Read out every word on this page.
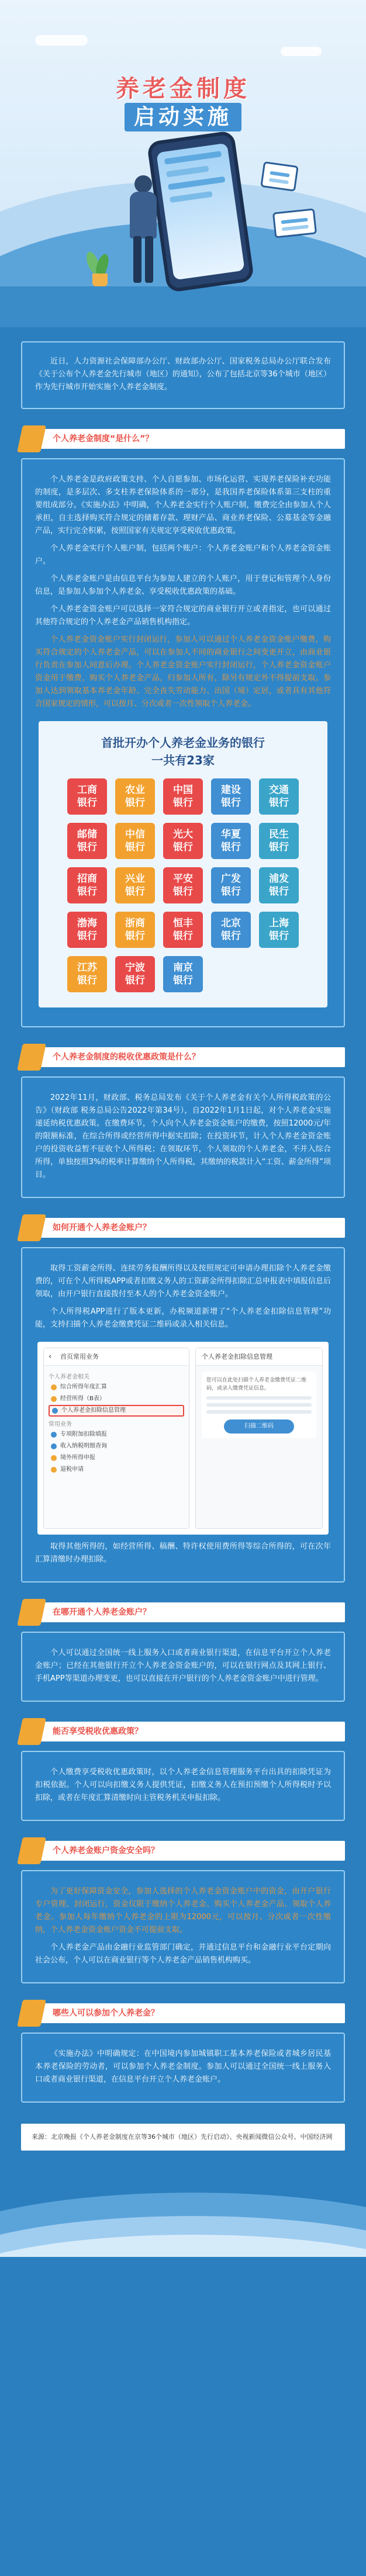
养老金制度
启动实施
近日，人力资源社会保障部办公厅、财政部办公厅、国家税务总局办公厅联合发布《关于公布个人养老金先行城市（地区）的通知》，公布了包括北京等36个城市（地区）作为先行城市开始实施个人养老金制度。
个人养老金制度“是什么”？

个人养老金是政府政策支持、个人自愿参加、市场化运营、实现养老保险补充功能的制度，是多层次、多支柱养老保险体系的一部分，是我国养老保险体系第三支柱的重要组成部分。《实施办法》中明确，个人养老金实行个人账户制，缴费完全由参加人个人承担，自主选择购买符合规定的储蓄存款、理财产品、商业养老保险、公募基金等金融产品，实行完全积累，按照国家有关规定享受税收优惠政策。

个人养老金实行个人账户制，包括两个账户：个人养老金账户和个人养老金资金账户。

个人养老金账户是由信息平台为参加人建立的个人账户，用于登记和管理个人身份信息，是参加人参加个人养老金、享受税收优惠政策的基础。

个人养老金资金账户可以选择一家符合规定的商业银行开立或者指定，也可以通过其他符合规定的个人养老金产品销售机构指定。

个人养老金资金账户实行封闭运行，参加人可以通过个人养老金资金账户缴费，购买符合规定的个人养老金产品，可以在参加人不同的商业银行之间变更开立，由商业银行负责在参加人同意后办理。个人养老金资金账户实行封闭运行，个人养老金资金账户资金用于缴费，购买个人养老金产品，归参加人所有，除另有规定外不得提前支取。参加人达到领取基本养老金年龄、完全丧失劳动能力、出国（境）定居，或者具有其他符合国家规定的情形，可以按月、分次或者一次性领取个人养老金。

首批开办个人养老金业务的银行
一共有23家
工商
银行
农业
银行
中国
银行
建设
银行
交通
银行
邮储
银行
中信
银行
光大
银行
华夏
银行
民生
银行
招商
银行
兴业
银行
平安
银行
广发
银行
浦发
银行
渤海
银行
浙商
银行
恒丰
银行
北京
银行
上海
银行
江苏
银行
宁波
银行
南京
银行
个人养老金制度的税收优惠政策是什么？

2022年11月，财政部、税务总局发布《关于个人养老金有关个人所得税政策的公告》（财政部 税务总局公告2022年第34号），自2022年1月1日起，对个人养老金实施递延纳税优惠政策。在缴费环节，个人向个人养老金资金账户的缴费，按照12000元/年的限额标准，在综合所得或经营所得中据实扣除；在投资环节，计入个人养老金资金账户的投资收益暂不征收个人所得税；在领取环节，个人领取的个人养老金，不并入综合所得，单独按照3%的税率计算缴纳个人所得税，其缴纳的税款计入“工资、薪金所得”项目。

如何开通个人养老金账户？

取得工资薪金所得、连续劳务报酬所得以及按照规定可申请办理扣除个人养老金缴费的，可在个人所得税APP或者扣缴义务人的工资薪金所得扣除汇总申报表中填报信息后领取，由开户银行直接拨付至本人的个人养老金资金账户。

个人所得税APP进行了版本更新，办税频道新增了“个人养老金扣除信息管理”功能，支持扫描个人养老金缴费凭证二维码或录入相关信息。

‹ 首页常用业务
个人养老金相关
综合所得年度汇算
经营所得（B表）
个人养老金扣除信息管理
常用业务
专项附加扣除填报
收入纳税明细查询
境外所得申报
退税申请
个人养老金扣除信息管理
您可以在此处扫描个人养老金缴费凭证二维码，或录入缴费凭证信息。
扫描二维码

取得其他所得的，如经营所得、稿酬、特许权使用费所得等综合所得的，可在次年汇算清缴时办理扣除。

在哪开通个人养老金账户？

个人可以通过全国统一线上服务入口或者商业银行渠道，在信息平台开立个人养老金账户；已经在其他银行开立个人养老金资金账户的，可以在银行网点及其网上银行、手机APP等渠道办理变更，也可以直接在开户银行的个人养老金资金账户中进行管理。

能否享受税收优惠政策？

个人缴费享受税收优惠政策时，以个人养老金信息管理服务平台出具的扣除凭证为扣税依据。个人可以向扣缴义务人提供凭证，扣缴义务人在预扣预缴个人所得税时予以扣除，或者在年度汇算清缴时向主管税务机关申报扣除。

个人养老金账户资金安全吗？

为了更好保障资金安全，参加人选择的个人养老金资金账户中的资金，由开户银行专户管理、封闭运行，资金仅限于缴纳个人养老金、购买个人养老金产品、领取个人养老金。参加人每年缴纳个人养老金的上限为12000元，可以按月、分次或者一次性缴纳，个人养老金资金账户资金不可提前支取。

个人养老金产品由金融行业监管部门确定，并通过信息平台和金融行业平台定期向社会公布，个人可以在商业银行等个人养老金产品销售机构购买。

哪些人可以参加个人养老金？

《实施办法》中明确规定：在中国境内参加城镇职工基本养老保险或者城乡居民基本养老保险的劳动者，可以参加个人养老金制度。参加人可以通过全国统一线上服务入口或者商业银行渠道，在信息平台开立个人养老金账户。

来源：北京晚报《个人养老金制度在京等36个城市（地区）先行启动》、央视新闻微信公众号、中国经济网
